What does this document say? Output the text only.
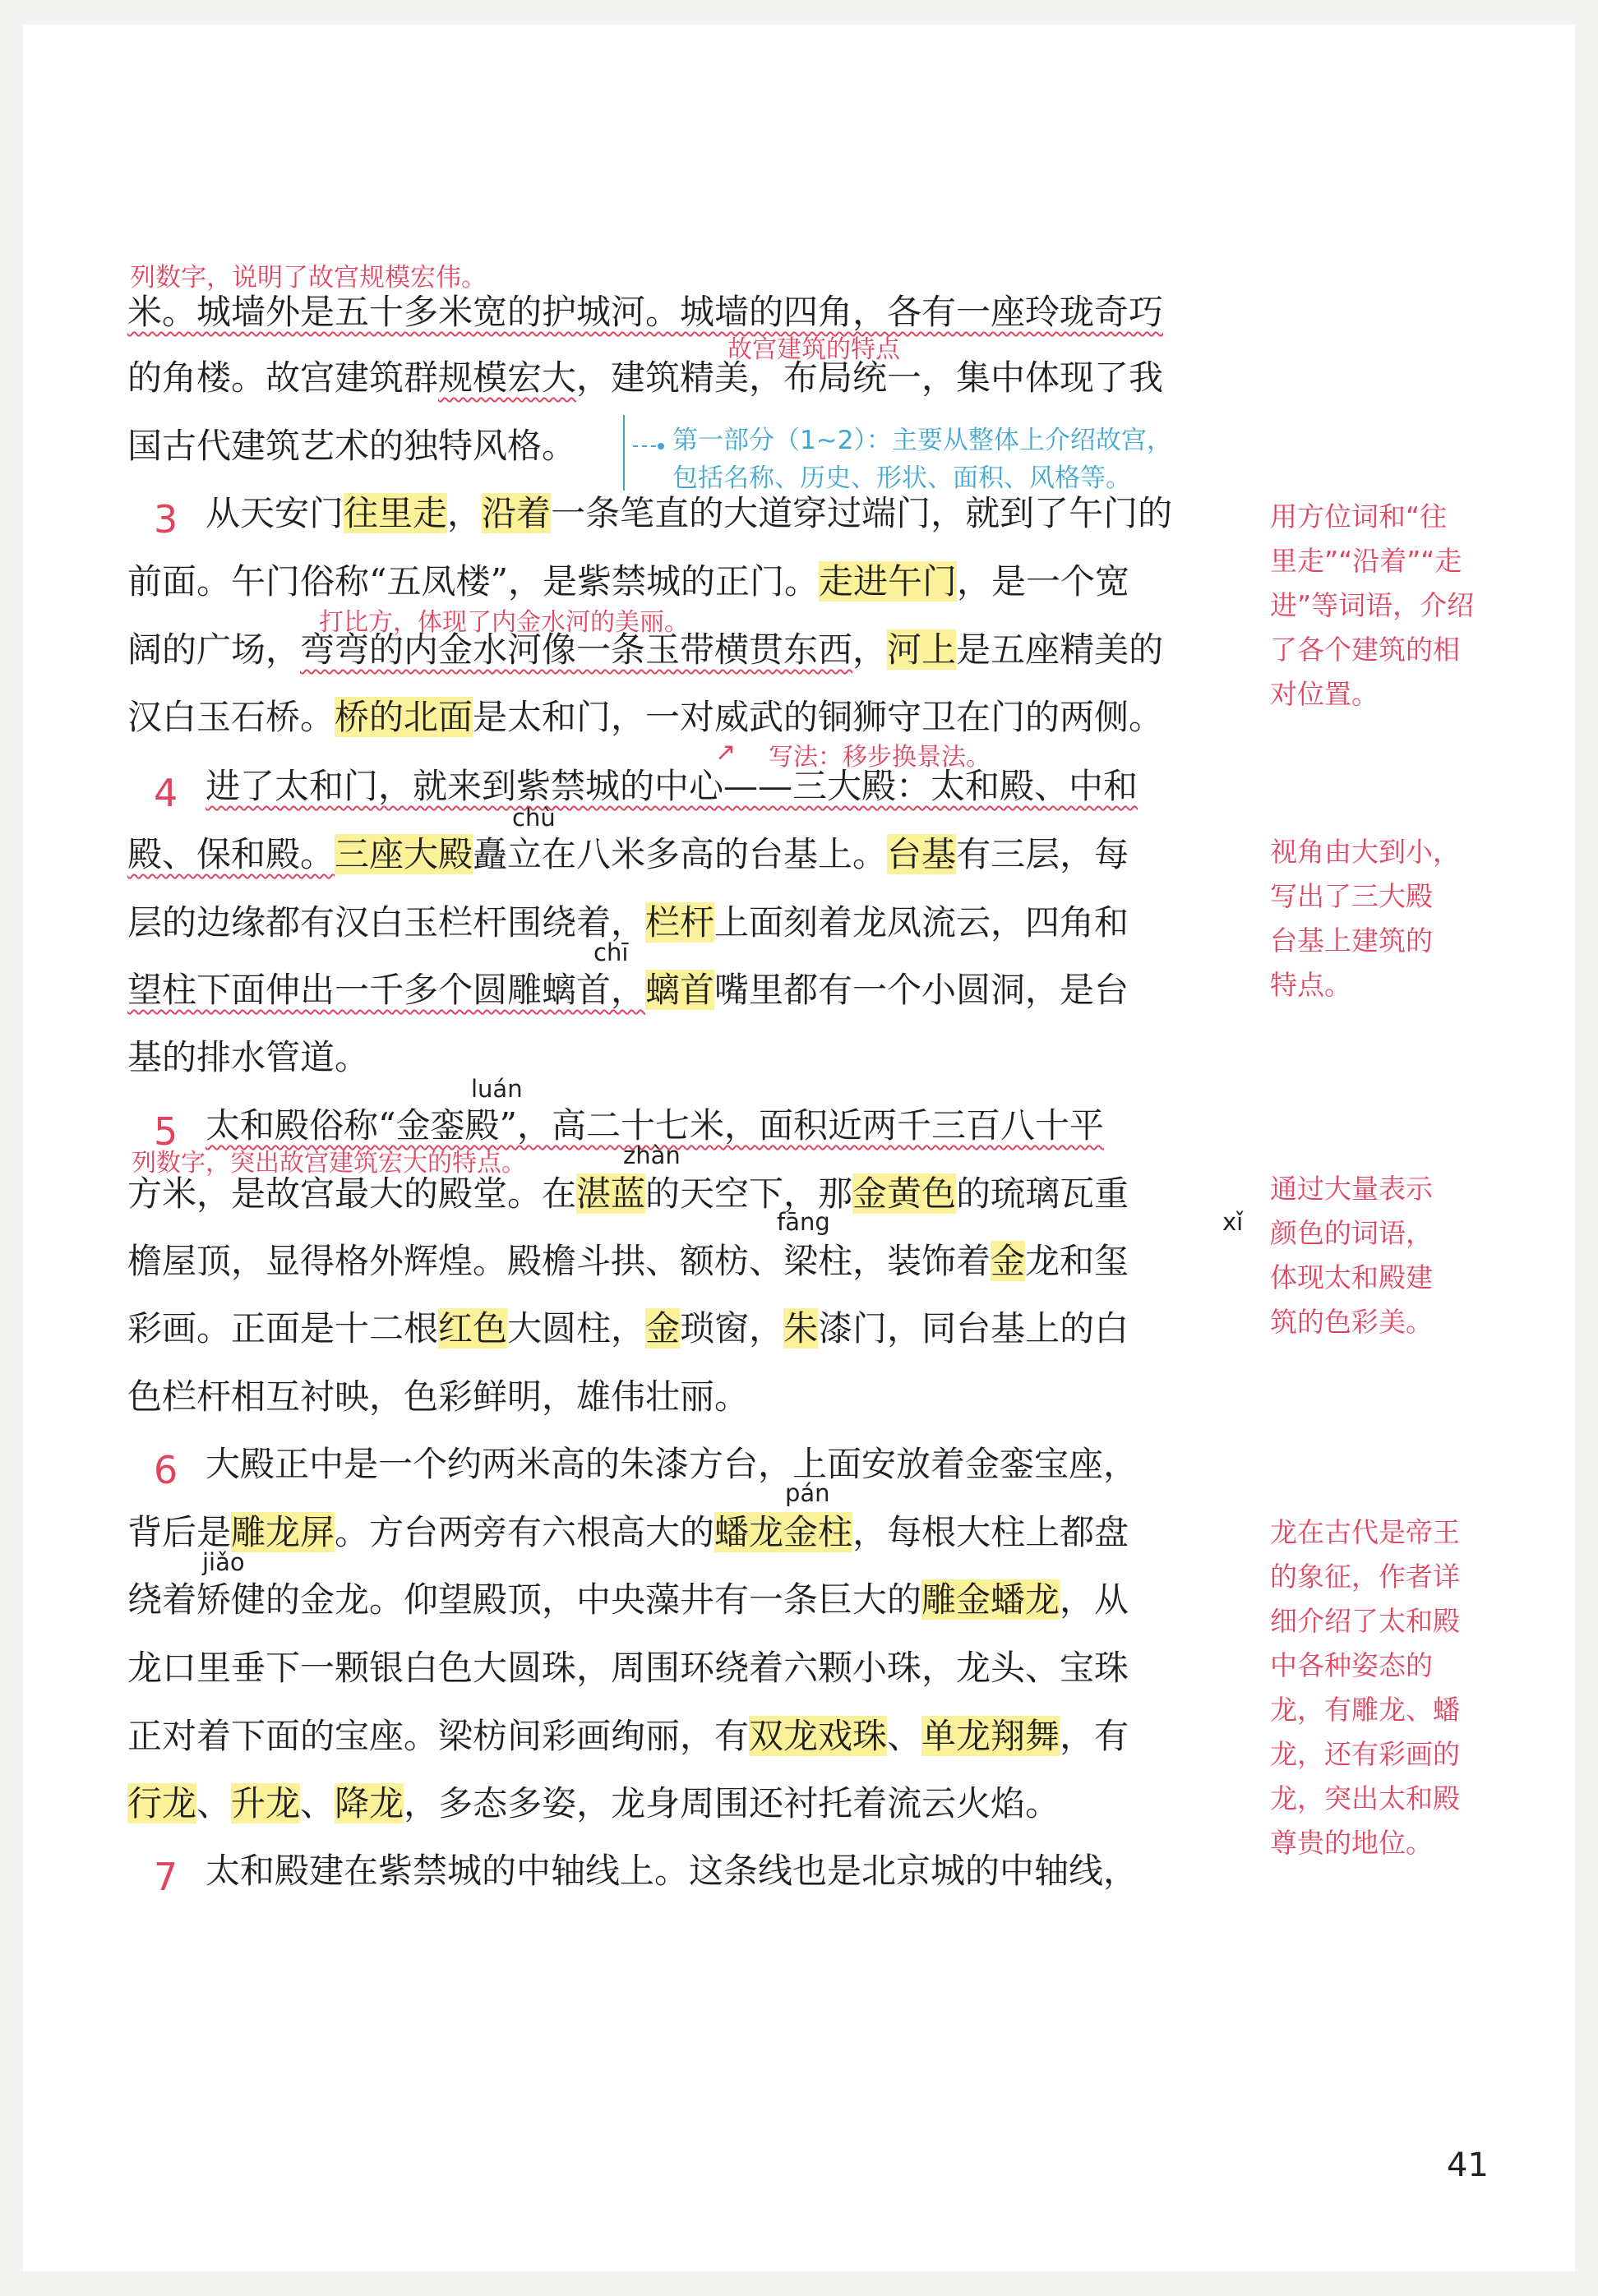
列数字，说明了故宫规模宏伟。
故宫建筑的特点
打比方，体现了内金水河的美丽。
↗ 写法：移步换景法。
列数字，突出故宫建筑宏大的特点。
第一部分（1~2）：主要从整体上介绍故宫，
包括名称、历史、形状、面积、风格等。
米。城墙外是五十多米宽的护城河。城墙的四角，各有一座玲珑奇巧
的角楼。故宫建筑群规模宏大，建筑精美，布局统一，集中体现了我
国古代建筑艺术的独特风格。
3 从天安门往里走，沿着一条笔直的大道穿过端门，就到了午门的
前面。午门俗称“五凤楼”，是紫禁城的正门。走进午门，是一个宽
阔的广场，弯弯的内金水河像一条玉带横贯东西，河上是五座精美的
汉白玉石桥。桥的北面是太和门，一对威武的铜狮守卫在门的两侧。
4 进了太和门，就来到紫禁城的中心——三大殿：太和殿、中和
chù
殿、保和殿。三座大殿矗立在八米多高的台基上。台基有三层，每
层的边缘都有汉白玉栏杆围绕着，栏杆上面刻着龙凤流云，四角和
chī
望柱下面伸出一千多个圆雕螭首，螭首嘴里都有一个小圆洞，是台
基的排水管道。
luán
5 太和殿俗称“金銮殿”，高二十七米，面积近两千三百八十平
zhàn
方米，是故宫最大的殿堂。在湛蓝的天空下，那金黄色的琉璃瓦重
fāng	xǐ
檐屋顶，显得格外辉煌。殿檐斗拱、额枋、梁柱，装饰着金龙和玺
彩画。正面是十二根红色大圆柱，金琐窗，朱漆门，同台基上的白
色栏杆相互衬映，色彩鲜明，雄伟壮丽。
6 大殿正中是一个约两米高的朱漆方台，上面安放着金銮宝座，
pán
背后是雕龙屏。方台两旁有六根高大的蟠龙金柱，每根大柱上都盘
jiǎo
绕着矫健的金龙。仰望殿顶，中央藻井有一条巨大的雕金蟠龙，从
龙口里垂下一颗银白色大圆珠，周围环绕着六颗小珠，龙头、宝珠
正对着下面的宝座。梁枋间彩画绚丽，有双龙戏珠、单龙翔舞，有
行龙、升龙、降龙，多态多姿，龙身周围还衬托着流云火焰。
7 太和殿建在紫禁城的中轴线上。这条线也是北京城的中轴线，
用方位词和“往
里走”“沿着”“走
进”等词语，介绍
了各个建筑的相
对位置。
视角由大到小，
写出了三大殿
台基上建筑的
特点。
通过大量表示
颜色的词语，
体现太和殿建
筑的色彩美。
龙在古代是帝王
的象征，作者详
细介绍了太和殿
中各种姿态的
龙，有雕龙、蟠
龙，还有彩画的
龙，突出太和殿
尊贵的地位。
41
